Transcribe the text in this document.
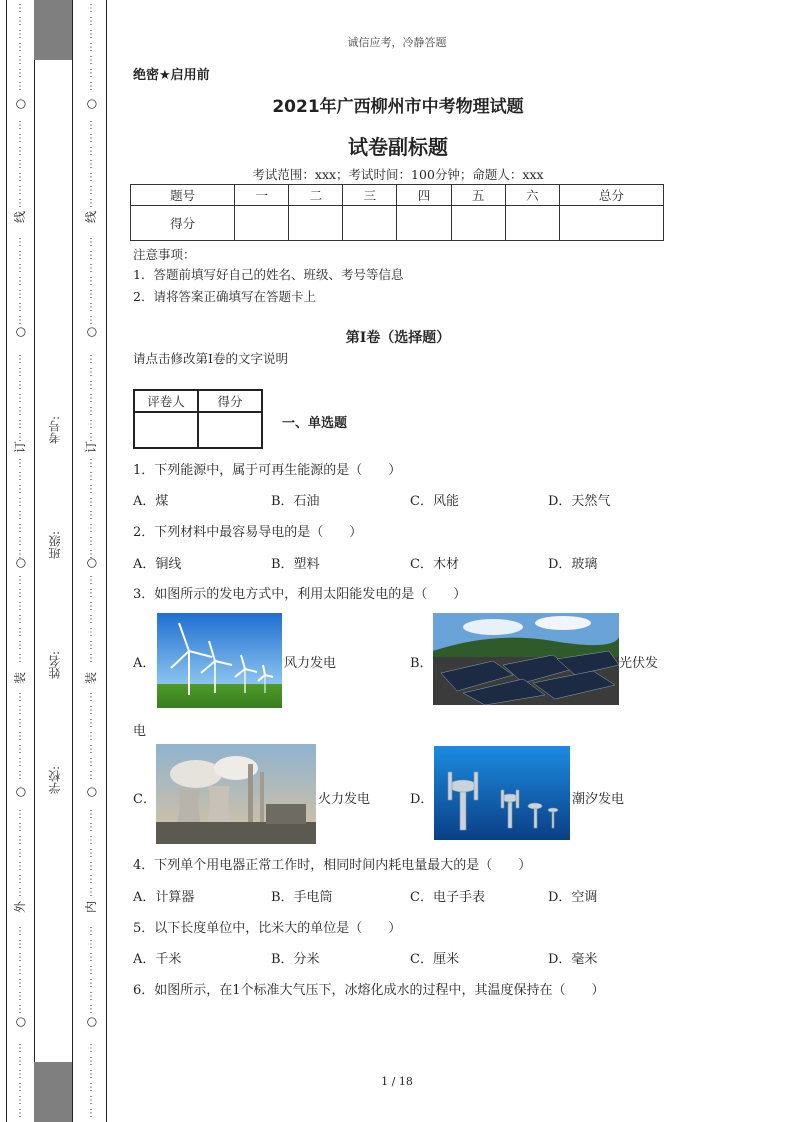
⋮
⋮
⋮
⋮
⋮
⋮
⋮
⋮
⋮
⋮
⋮
⋮
⋮
⋮
⋮
⋮
⋮
⋮
⋮
⋮
⋮
⋮
⋮
⋮
⋮
⋮
⋮
⋮
⋮
⋮
⋮
⋮
⋮
⋮
⋮
⋮
⋮
⋮
⋮
⋮
⋮
⋮
⋮
⋮
⋮
⋮
⋮
⋮
⋮
⋮
⋮
⋮
⋮
⋮
⋮
⋮
⋮
⋮
⋮
⋮
⋮
⋮
⋮
⋮
⋮
⋮
⋮
⋮
⋮
⋮
○
线
○
订
○
装
○
外
○
⋮
⋮
⋮
⋮
⋮
⋮
⋮
⋮
⋮
⋮
⋮
⋮
⋮
⋮
⋮
⋮
⋮
⋮
⋮
⋮
⋮
⋮
⋮
⋮
⋮
⋮
⋮
⋮
⋮
⋮
⋮
⋮
⋮
⋮
⋮
⋮
⋮
⋮
⋮
⋮
⋮
⋮
⋮
⋮
⋮
⋮
⋮
⋮
⋮
⋮
⋮
⋮
⋮
⋮
⋮
⋮
⋮
⋮
⋮
⋮
⋮
⋮
⋮
⋮
⋮
⋮
⋮
⋮
⋮
⋮
○
线
○
订
○
装
○
内
○
考号:
班级:
姓名:
学校:
诚信应考，冷静答题
绝密★启用前
2021年广西柳州市中考物理试题
试卷副标题
考试范围：xxx；考试时间：100分钟；命题人：xxx
题号	一	二	三	四	五	六	总分
得分							
注意事项：
1．答题前填写好自己的姓名、班级、考号等信息
2．请将答案正确填写在答题卡上
第I卷（选择题）
请点击修改第I卷的文字说明
评卷人	得分

一、单选题
1．下列能源中，属于可再生能源的是（　　）
A．煤	B．石油	C．风能	D．天然气
2．下列材料中最容易导电的是（　　）
A．铜线	B．塑料	C．木材	D．玻璃
3．如图所示的发电方式中，利用太阳能发电的是（　　）
A．	风力发电	B．	光伏发
电
C．	火力发电	D．	潮汐发电
4．下列单个用电器正常工作时，相同时间内耗电量最大的是（　　）
A．计算器	B．手电筒	C．电子手表	D．空调
5．以下长度单位中，比米大的单位是（　　）
A．千米	B．分米	C．厘米	D．毫米
6．如图所示，在1个标准大气压下，冰熔化成水的过程中，其温度保持在（　　）
1 / 18
